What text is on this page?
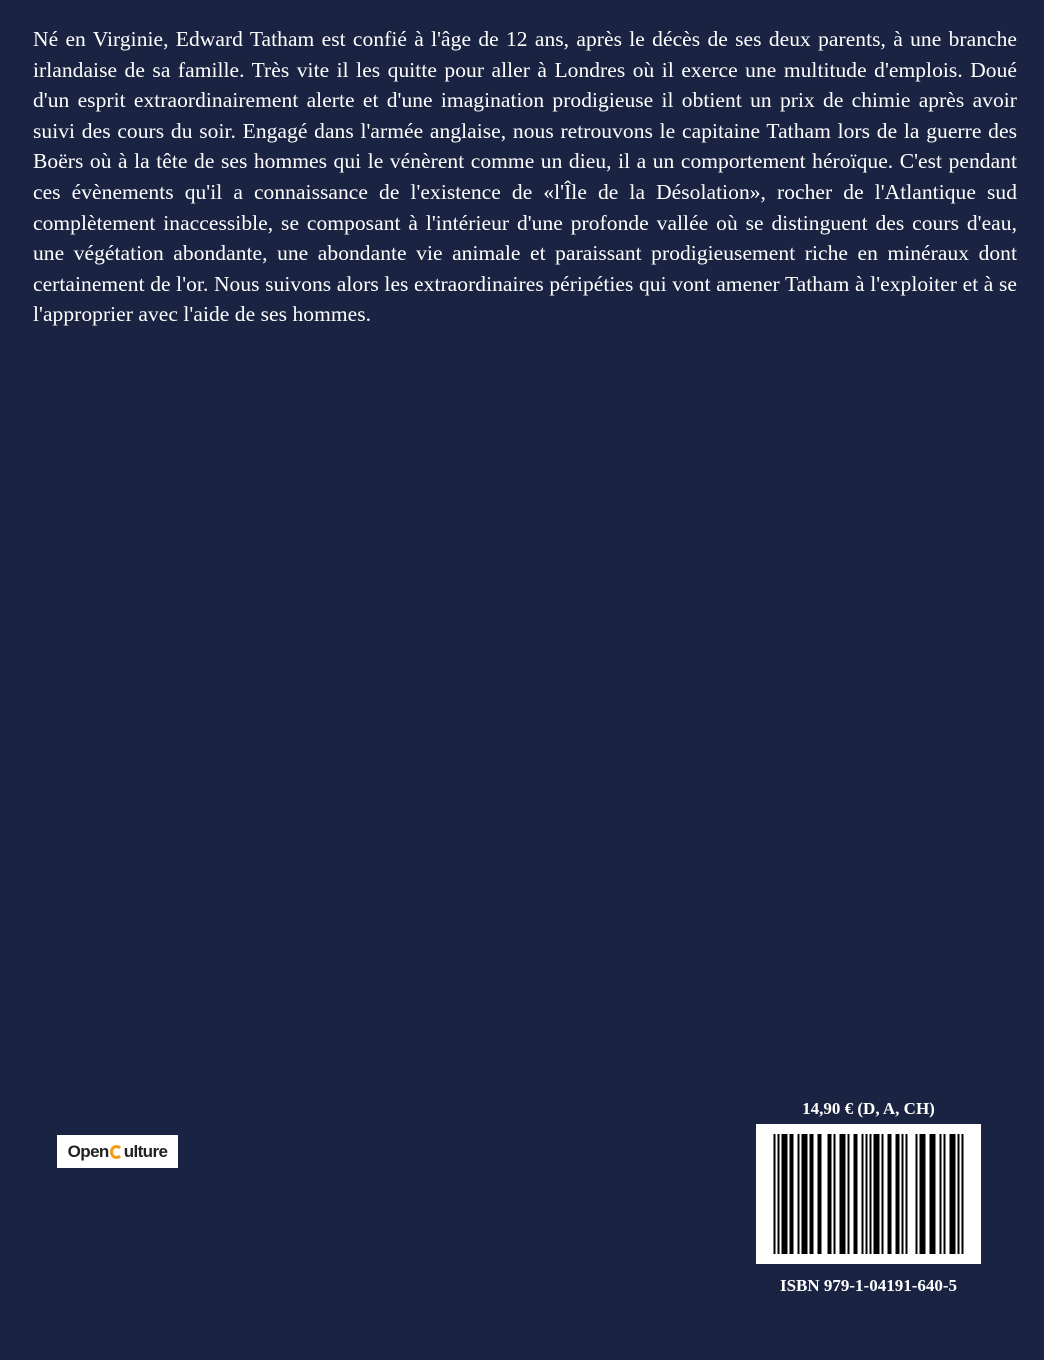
Né en Virginie, Edward Tatham est confié à l'âge de 12 ans, après le décès de ses deux parents, à une branche irlandaise de sa famille. Très vite il les quitte pour aller à Londres où il exerce une multitude d'emplois. Doué d'un esprit extraordinairement alerte et d'une imagination prodigieuse il obtient un prix de chimie après avoir suivi des cours du soir. Engagé dans l'armée anglaise, nous retrouvons le capitaine Tatham lors de la guerre des Boërs où à la tête de ses hommes qui le vénèrent comme un dieu, il a un comportement héroïque. C'est pendant ces évènements qu'il a connaissance de l'existence de «l'Île de la Désolation», rocher de l'Atlantique sud complètement inaccessible, se composant à l'intérieur d'une profonde vallée où se distinguent des cours d'eau, une végétation abondante, une abondante vie animale et paraissant prodigieusement riche en minéraux dont certainement de l'or. Nous suivons alors les extraordinaires péripéties qui vont amener Tatham à l'exploiter et à se l'approprier avec l'aide de ses hommes.

Open ulture
14,90 € (D, A, CH)
ISBN 979-1-04191-640-5
